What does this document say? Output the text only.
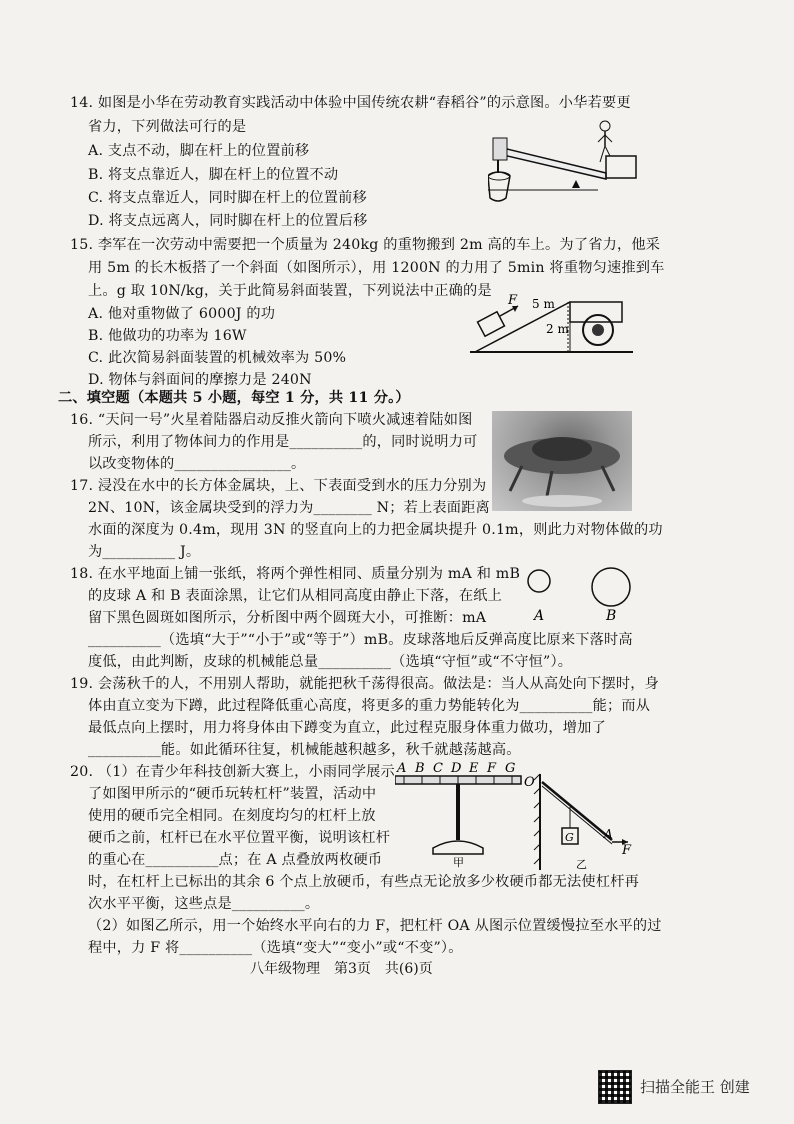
14. 如图是小华在劳动教育实践活动中体验中国传统农耕“舂稻谷”的示意图。小华若要更
省力，下列做法可行的是
A. 支点不动，脚在杆上的位置前移
B. 将支点靠近人，脚在杆上的位置不动
C. 将支点靠近人，同时脚在杆上的位置前移
D. 将支点远离人，同时脚在杆上的位置后移
15. 李军在一次劳动中需要把一个质量为 240kg 的重物搬到 2m 高的车上。为了省力，他采
用 5m 的长木板搭了一个斜面（如图所示），用 1200N 的力用了 5min 将重物匀速推到车
上。g 取 10N/kg，关于此简易斜面装置，下列说法中正确的是
A. 他对重物做了 6000J 的功
B. 他做功的功率为 16W
C. 此次简易斜面装置的机械效率为 50%
D. 物体与斜面间的摩擦力是 240N
F 5 m
2 m
二、填空题（本题共 5 小题，每空 1 分，共 11 分。）
16. “天问一号”火星着陆器启动反推火箭向下喷火减速着陆如图
所示，利用了物体间力的作用是__________的，同时说明力可
以改变物体的________________。
17. 浸没在水中的长方体金属块，上、下表面受到水的压力分别为
2N、10N，该金属块受到的浮力为________ N；若上表面距离
水面的深度为 0.4m，现用 3N 的竖直向上的力把金属块提升 0.1m，则此力对物体做的功
为__________ J。
18. 在水平地面上铺一张纸，将两个弹性相同、质量分别为 mA 和 mB
的皮球 A 和 B 表面涂黑，让它们从相同高度由静止下落，在纸上
留下黑色圆斑如图所示，分析图中两个圆斑大小，可推断：mA
__________（选填“大于”“小于”或“等于”）mB。皮球落地后反弹高度比原来下落时高
度低，由此判断，皮球的机械能总量__________（选填“守恒”或“不守恒”）。
A	B
19. 会荡秋千的人，不用别人帮助，就能把秋千荡得很高。做法是：当人从高处向下摆时，身
体由直立变为下蹲，此过程降低重心高度，将更多的重力势能转化为__________能；而从
最低点向上摆时，用力将身体由下蹲变为直立，此过程克服身体重力做功，增加了
__________能。如此循环往复，机械能越积越多，秋千就越荡越高。
20. （1）在青少年科技创新大赛上，小雨同学展示
了如图甲所示的“硬币玩转杠杆”装置，活动中
使用的硬币完全相同。在刻度均匀的杠杆上放
硬币之前，杠杆已在水平位置平衡，说明该杠杆
的重心在__________点；在 A 点叠放两枚硬币
时，在杠杆上已标出的其余 6 个点上放硬币，有些点无论放多少枚硬币都无法使杠杆再
次水平平衡，这些点是__________。
（2）如图乙所示，用一个始终水平向右的力 F，把杠杆 OA 从图示位置缓慢拉至水平的过
程中，力 F 将__________（选填“变大”“变小”或“不变”）。
A B C D E F G
甲
O
G	A
F
乙
八年级物理　第3页　共(6)页
扫描全能王 创建
